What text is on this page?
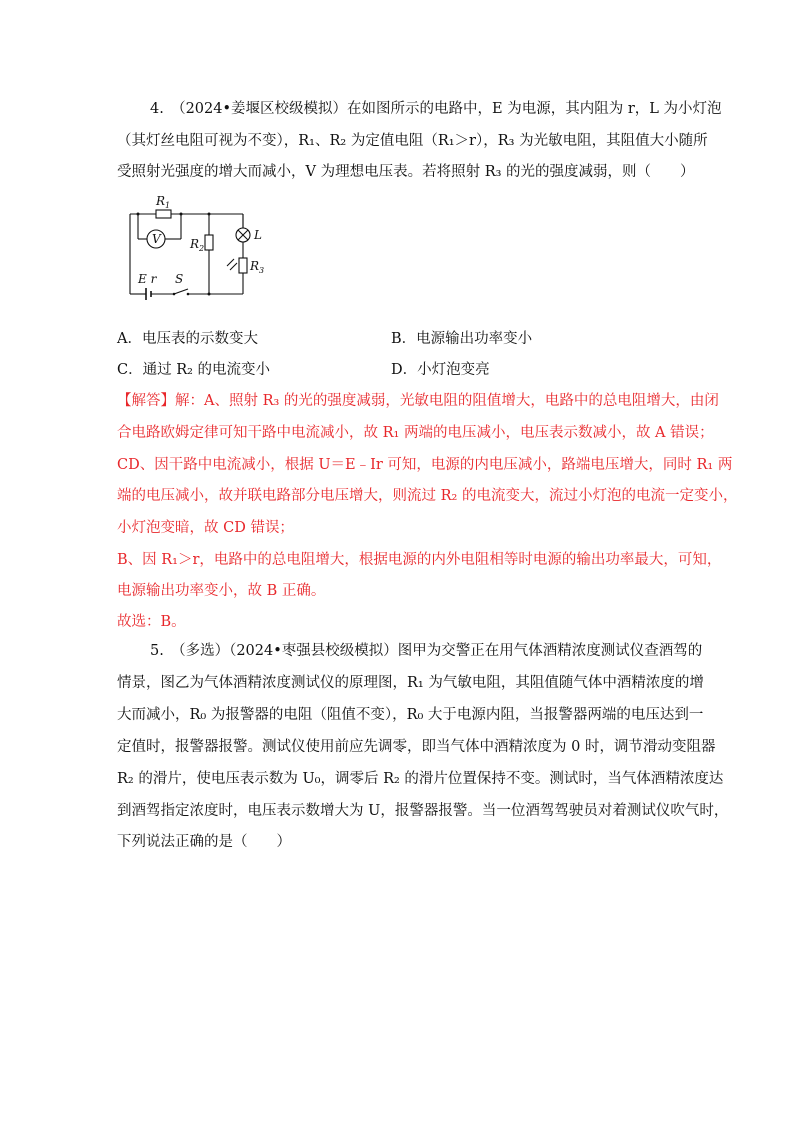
4.　（2024•姜堰区校级模拟）在如图所示的电路中，E 为电源，其内阻为 r，L 为小灯泡
（其灯丝电阻可视为不变），R₁、R₂ 为定值电阻（R₁＞r），R₃ 为光敏电阻，其阻值大小随所
受照射光强度的增大而减小，V 为理想电压表。若将照射 R₃ 的光的强度减弱，则（　　）
$R_1$
V $R_2$
L
$R_3$
E r S
A．电压表的示数变大	B．电源输出功率变小
C．通过 R₂ 的电流变小	D．小灯泡变亮
【解答】解：A、照射 R₃ 的光的强度减弱，光敏电阻的阻值增大，电路中的总电阻增大，由闭
合电路欧姆定律可知干路中电流减小，故 R₁ 两端的电压减小，电压表示数减小，故 A 错误；
CD、因干路中电流减小，根据 U＝E﹣Ir 可知，电源的内电压减小，路端电压增大，同时 R₁ 两
端的电压减小，故并联电路部分电压增大，则流过 R₂ 的电流变大，流过小灯泡的电流一定变小，
小灯泡变暗，故 CD 错误；
B、因 R₁＞r，电路中的总电阻增大，根据电源的内外电阻相等时电源的输出功率最大，可知，
电源输出功率变小，故 B 正确。
故选：B。
5.　（多选）（2024•枣强县校级模拟）图甲为交警正在用气体酒精浓度测试仪查酒驾的
情景，图乙为气体酒精浓度测试仪的原理图，R₁ 为气敏电阻，其阻值随气体中酒精浓度的增
大而减小，R₀ 为报警器的电阻（阻值不变），R₀ 大于电源内阻，当报警器两端的电压达到一
定值时，报警器报警。测试仪使用前应先调零，即当气体中酒精浓度为 0 时，调节滑动变阻器
R₂ 的滑片，使电压表示数为 U₀，调零后 R₂ 的滑片位置保持不变。测试时，当气体酒精浓度达
到酒驾指定浓度时，电压表示数增大为 U，报警器报警。当一位酒驾驾驶员对着测试仪吹气时，
下列说法正确的是（　　）
